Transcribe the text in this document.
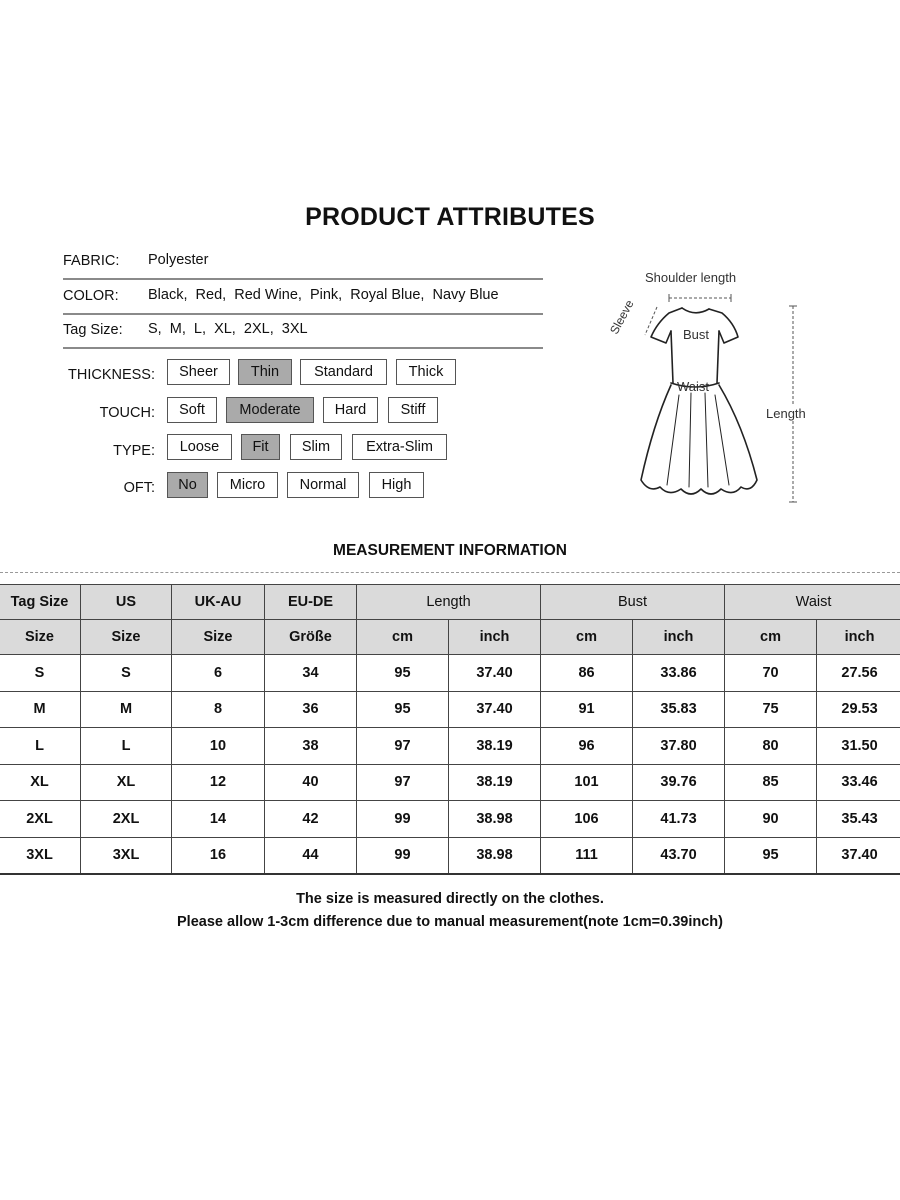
PRODUCT ATTRIBUTES
FABRIC: Polyester
COLOR: Black,  Red,  Red Wine,  Pink,  Royal Blue,  Navy Blue
Tag Size: S,  M,  L,  XL,  2XL,  3XL
THICKNESS:	Sheer	Thin	Standard	Thick
TOUCH:	Soft	Moderate	Hard	Stiff
TYPE:	Loose	Fit	Slim	Extra-Slim
OFT:	No	Micro	Normal	High
Shoulder length
Sleeve	Bust
Waist
Length
MEASUREMENT INFORMATION
Tag Size	US	UK-AU	EU-DE	Length		Bust		Waist	
Size	Size	Size	Größe	cm	inch	cm	inch	cm	inch
S	S	6	34	95	37.40	86	33.86	70	27.56
M	M	8	36	95	37.40	91	35.83	75	29.53
L	L	10	38	97	38.19	96	37.80	80	31.50
XL	XL	12	40	97	38.19	101	39.76	85	33.46
2XL	2XL	14	42	99	38.98	106	41.73	90	35.43
3XL	3XL	16	44	99	38.98	111	43.70	95	37.40
The size is measured directly on the clothes.
Please allow 1-3cm difference due to manual measurement(note 1cm=0.39inch)
